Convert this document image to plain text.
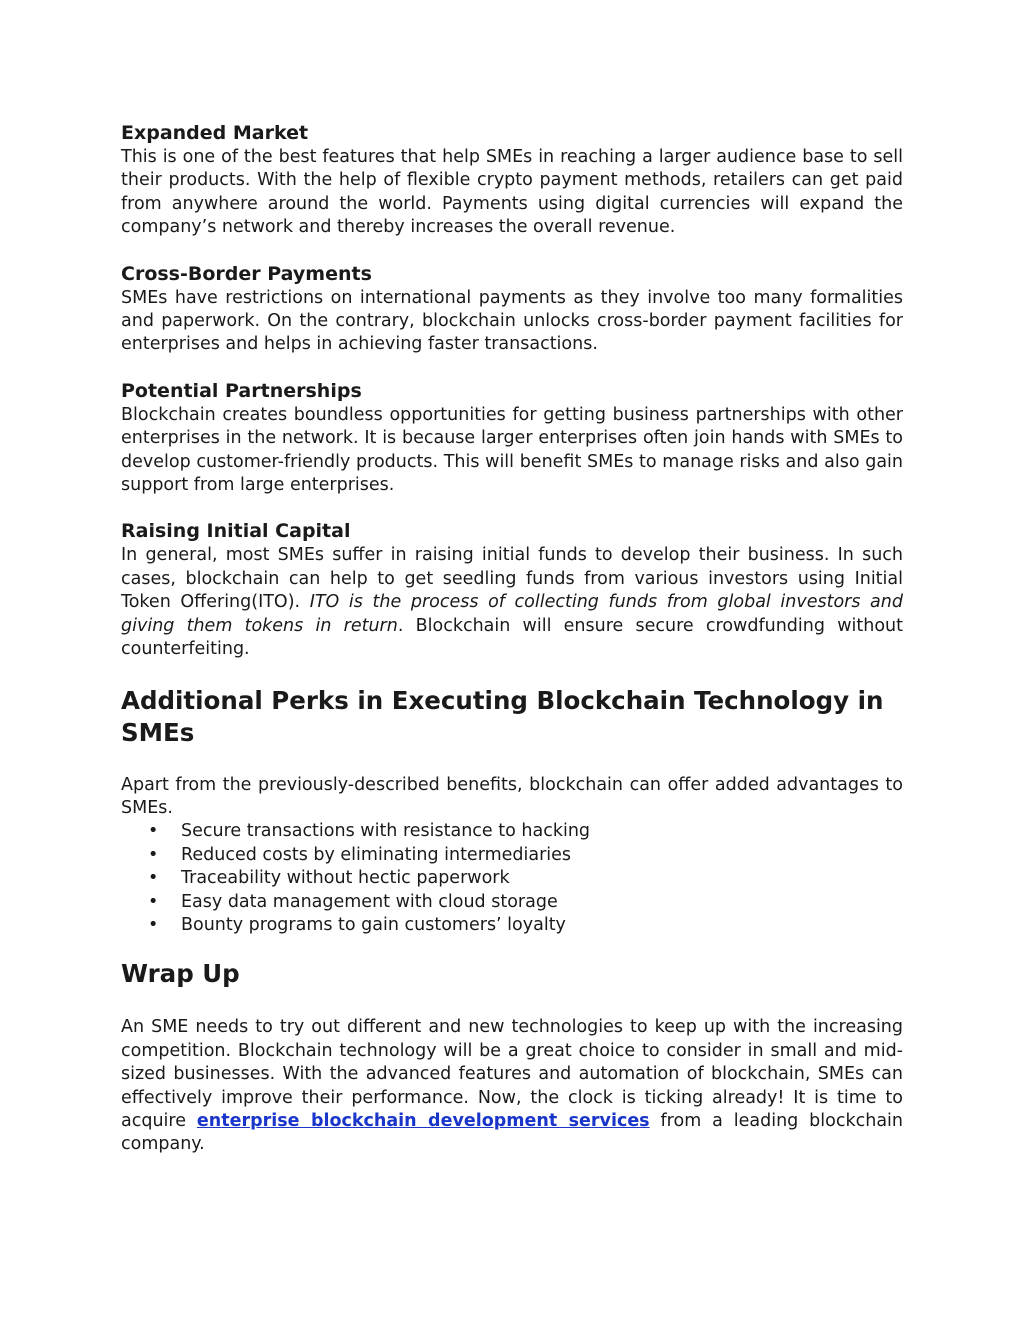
Expanded Market

This is one of the best features that help SMEs in reaching a larger audience base to sell their products. With the help of flexible crypto payment methods, retailers can get paid from anywhere around the world. Payments using digital currencies will expand the company’s network and thereby increases the overall revenue.

Cross-Border Payments

SMEs have restrictions on international payments as they involve too many formalities and paperwork. On the contrary, blockchain unlocks cross-border payment facilities for enterprises and helps in achieving faster transactions.

Potential Partnerships

Blockchain creates boundless opportunities for getting business partnerships with other enterprises in the network. It is because larger enterprises often join hands with SMEs to develop customer-friendly products. This will benefit SMEs to manage risks and also gain support from large enterprises.

Raising Initial Capital

In general, most SMEs suffer in raising initial funds to develop their business. In such cases, blockchain can help to get seedling funds from various investors using Initial Token Offering(ITO). ITO is the process of collecting funds from global investors and giving them tokens in return. Blockchain will ensure secure crowdfunding without counterfeiting.

Additional Perks in Executing Blockchain Technology in SMEs

Apart from the previously-described benefits, blockchain can offer added advantages to SMEs.

• Secure transactions with resistance to hacking
• Reduced costs by eliminating intermediaries
• Traceability without hectic paperwork
• Easy data management with cloud storage
• Bounty programs to gain customers’ loyalty
Wrap Up

An SME needs to try out different and new technologies to keep up with the increasing competition. Blockchain technology will be a great choice to consider in small and mid-sized businesses. With the advanced features and automation of blockchain, SMEs can effectively improve their performance. Now, the clock is ticking already! It is time to acquire enterprise blockchain development services from a leading blockchain company.
